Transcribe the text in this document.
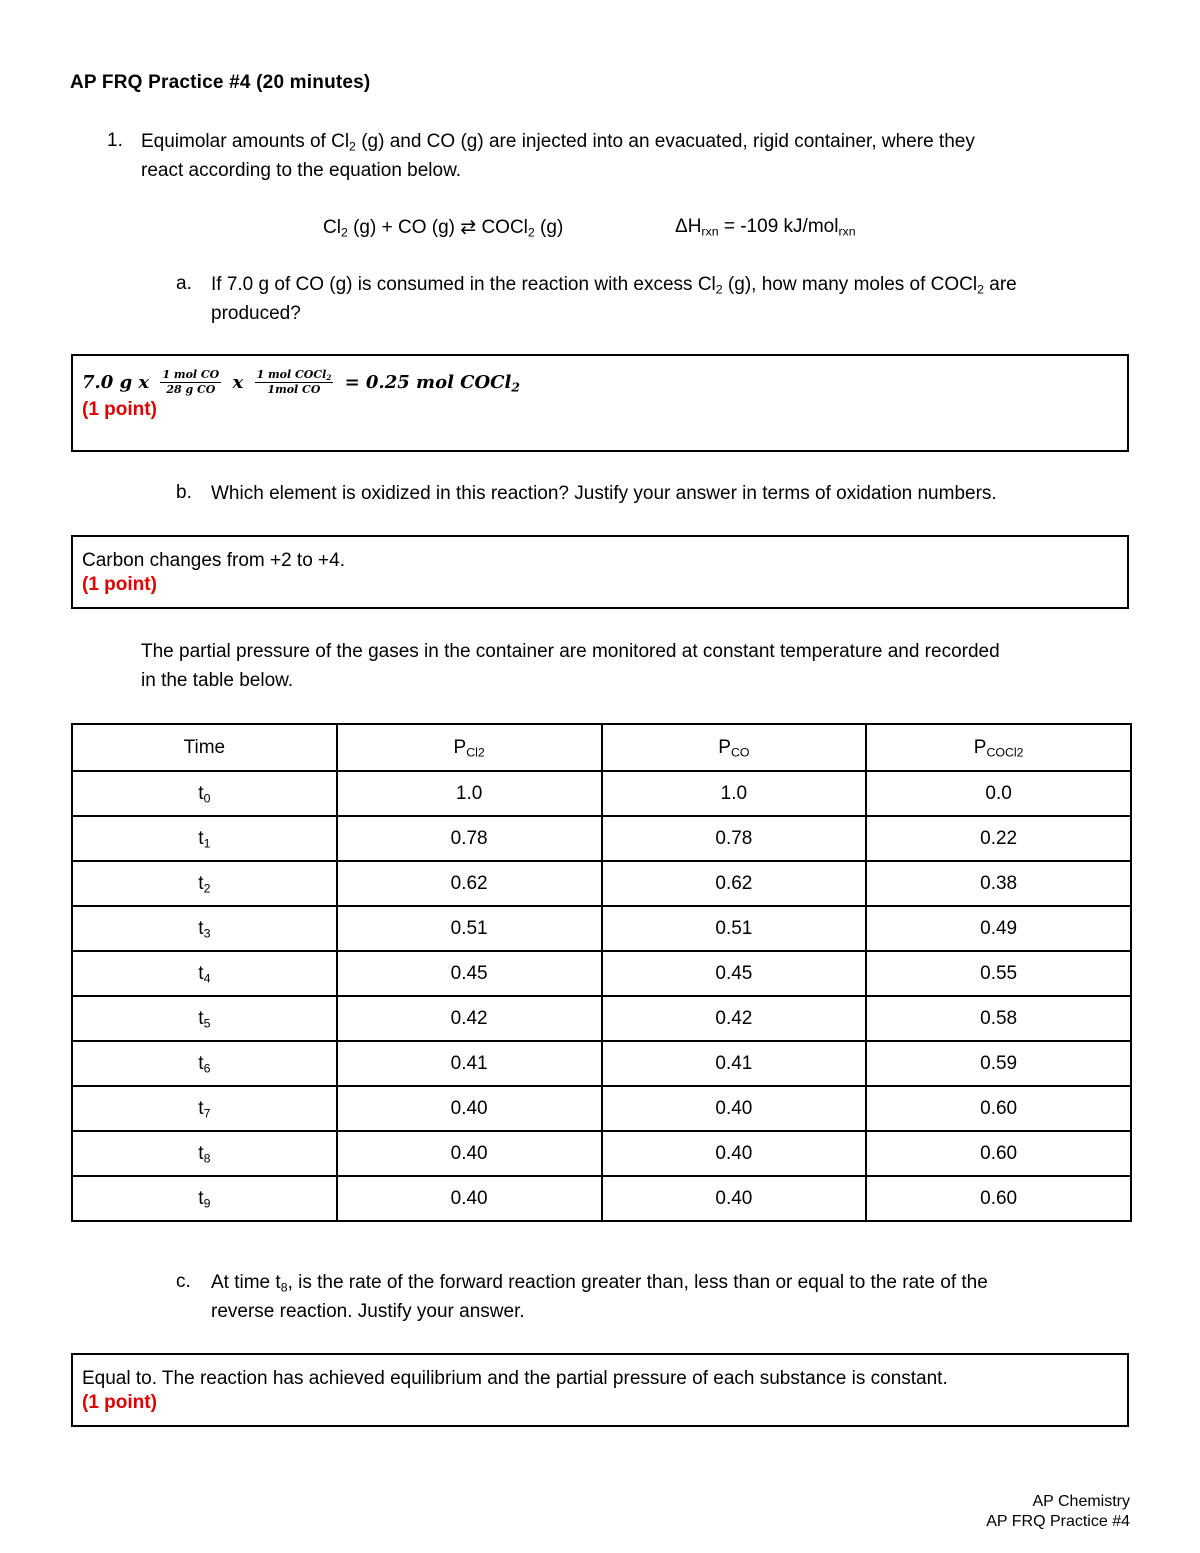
AP FRQ Practice #4 (20 minutes)
1. Equimolar amounts of $Cl_2$ (g) and CO (g) are injected into an evacuated, rigid container, where they
react according to the equation below.
$Cl_2$ (g) + CO (g) ⇄ COCl$_2$ (g)	$\Delta H_{rxn} = -109$ kJ/mol$_{rxn}$
a. If 7.0 g of CO (g) is consumed in the reaction with excess $Cl_2$ (g), how many moles of COCl$_2$ are
produced?
7.0 g x $\frac{\text{1 mol CO}}{\text{28 g CO}}$ x $\frac{1 mol COCl_2}{\text{1mol CO}} = 0.25$ mol COCl$_2$
(1 point)
b. Which element is oxidized in this reaction? Justify your answer in terms of oxidation numbers.
Carbon changes from +2 to +4.
(1 point)
The partial pressure of the gases in the container are monitored at constant temperature and recorded
in the table below.
Time	$P_{Cl2}$	$P_{CO}$	$P_{COCl2}$
$t_0$	1.0	1.0	0.0
$t_1$	0.78	0.78	0.22
$t_2$	0.62	0.62	0.38
$t_3$	0.51	0.51	0.49
$t_4$	0.45	0.45	0.55
$t_5$	0.42	0.42	0.58
$t_6$	0.41	0.41	0.59
$t_7$	0.40	0.40	0.60
$t_8$	0.40	0.40	0.60
$t_9$	0.40	0.40	0.60
c. At time $t_8$, is the rate of the forward reaction greater than, less than or equal to the rate of the
reverse reaction. Justify your answer.
Equal to. The reaction has achieved equilibrium and the partial pressure of each substance is constant.
(1 point)
AP Chemistry
AP FRQ Practice #4
